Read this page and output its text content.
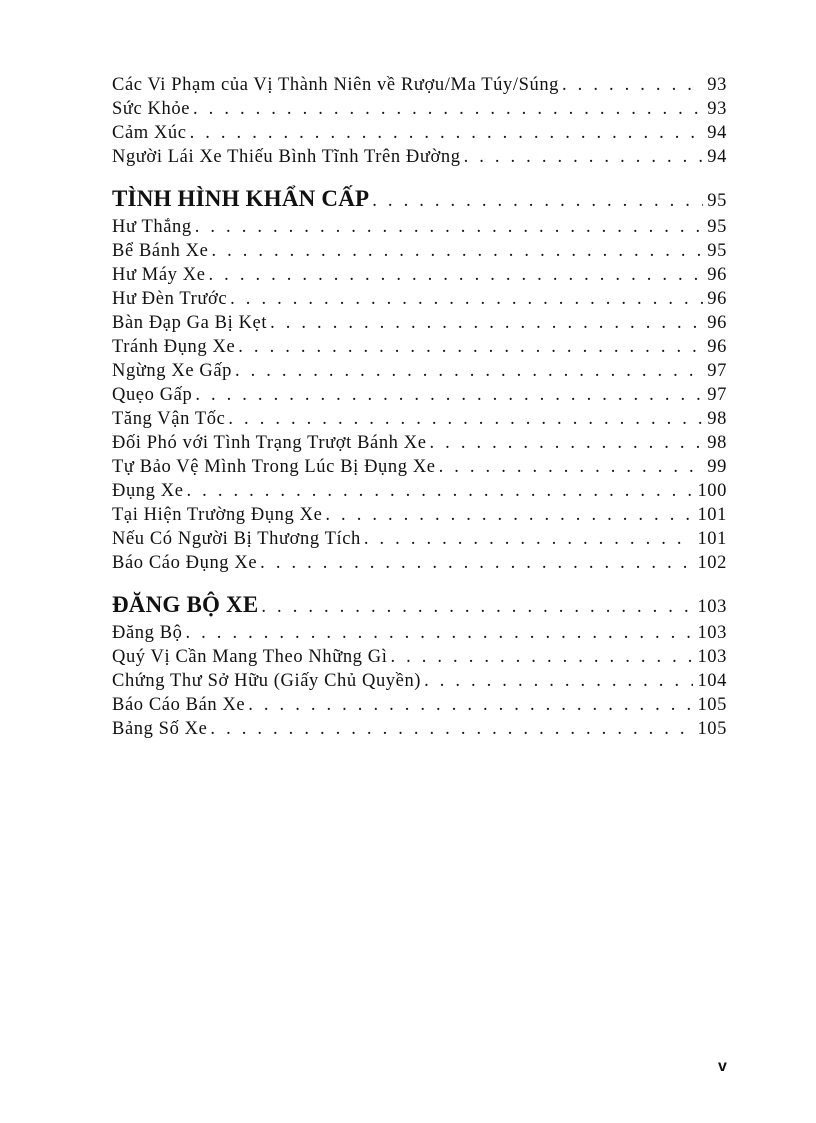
Các Vi Phạm của Vị Thành Niên về Rượu/Ma Túy/Súng . . .	93
Sức Khỏe . . .	93
Cảm Xúc . . .	94
Người Lái Xe Thiếu Bình Tĩnh Trên Đường . . .	94
TÌNH HÌNH KHẨN CẤP . . .	95
Hư Thắng . . .	95
Bể Bánh Xe . . .	95
Hư Máy Xe . . .	96
Hư Đèn Trước . . .	96
Bàn Đạp Ga Bị Kẹt . . .	96
Tránh Đụng Xe . . .	96
Ngừng Xe Gấp . . .	97
Quẹo Gấp . . .	97
Tăng Vận Tốc . . .	98
Đối Phó với Tình Trạng Trượt Bánh Xe . . .	98
Tự Bảo Vệ Mình Trong Lúc Bị Đụng Xe . . .	99
Đụng Xe . . .	100
Tại Hiện Trường Đụng Xe . . .	101
Nếu Có Người Bị Thương Tích . . .	101
Báo Cáo Đụng Xe . . .	102
ĐĂNG BỘ XE . . .	103
Đăng Bộ . . .	103
Quý Vị Cần Mang Theo Những Gì . . .	103
Chứng Thư Sở Hữu (Giấy Chủ Quyền) . . .	104
Báo Cáo Bán Xe . . .	105
Bảng Số Xe . . .	105
v
